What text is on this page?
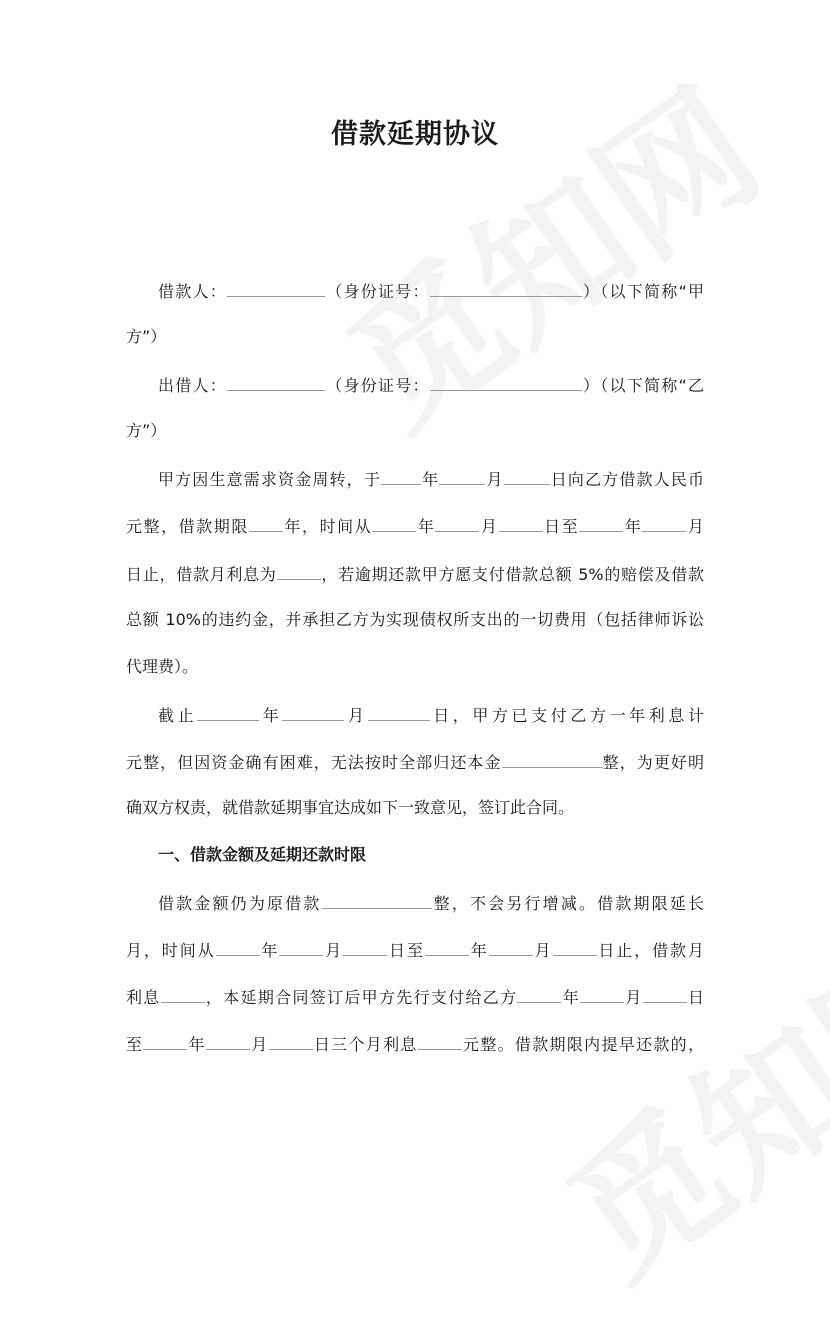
借款延期协议
借款人：	（身份证号：	）（以下简称“甲
方”）
出借人：	（身份证号：	）（以下简称“乙
方”）
甲方因生意需求资金周转，于	年	月	日向乙方借款人民币
元整，借款期限 年，时间从	年	月	日至	年	月
日止，借款月利息为	，若逾期还款甲方愿支付借款总额 5%的赔偿及借款
总额 10%的违约金，并承担乙方为实现债权所支出的一切费用（包括律师诉讼
代理费）。
截止	年	月	日，甲方已支付乙方一年利息计
元整，但因资金确有困难，无法按时全部归还本金	整，为更好明
确双方权责，就借款延期事宜达成如下一致意见，签订此合同。
一、借款金额及延期还款时限
借款金额仍为原借款	整，不会另行增减。借款期限延长
月，时间从	年	月	日至	年	月	日止，借款月
利息	，本延期合同签订后甲方先行支付给乙方	年	月	日
至	年	月	日三个月利息	元整。借款期限内提早还款的，
